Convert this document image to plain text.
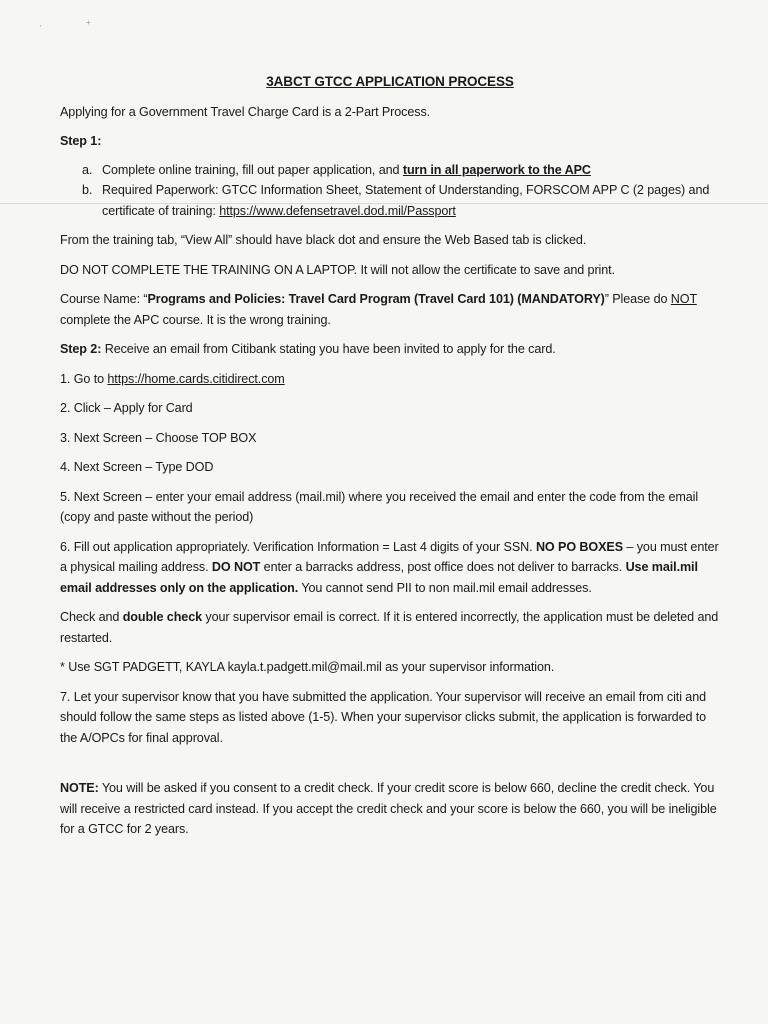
'
+
3ABCT GTCC APPLICATION PROCESS

Applying for a Government Travel Charge Card is a 2-Part Process.

Step 1:
a. Complete online training, fill out paper application, and turn in all paperwork to the APC
b. Required Paperwork: GTCC Information Sheet, Statement of Understanding, FORSCOM APP C (2 pages) and certificate of training: https://www.defensetravel.dod.mil/Passport

From the training tab, “View All” should have black dot and ensure the Web Based tab is clicked.

DO NOT COMPLETE THE TRAINING ON A LAPTOP. It will not allow the certificate to save and print.

Course Name: “Programs and Policies: Travel Card Program (Travel Card 101) (MANDATORY)” Please do NOT complete the APC course. It is the wrong training.

Step 2: Receive an email from Citibank stating you have been invited to apply for the card.

1. Go to https://home.cards.citidirect.com

2. Click – Apply for Card

3. Next Screen – Choose TOP BOX

4. Next Screen – Type DOD

5. Next Screen – enter your email address (mail.mil) where you received the email and enter the code from the email (copy and paste without the period)

6. Fill out application appropriately. Verification Information = Last 4 digits of your SSN. NO PO BOXES – you must enter a physical mailing address. DO NOT enter a barracks address, post office does not deliver to barracks. Use mail.mil email addresses only on the application. You cannot send PII to non mail.mil email addresses.

Check and double check your supervisor email is correct. If it is entered incorrectly, the application must be deleted and restarted.

* Use SGT PADGETT, KAYLA kayla.t.padgett.mil@mail.mil as your supervisor information.

7. Let your supervisor know that you have submitted the application. Your supervisor will receive an email from citi and should follow the same steps as listed above (1-5). When your supervisor clicks submit, the application is forwarded to the A/OPCs for final approval.

NOTE: You will be asked if you consent to a credit check. If your credit score is below 660, decline the credit check. You will receive a restricted card instead. If you accept the credit check and your score is below the 660, you will be ineligible for a GTCC for 2 years.
